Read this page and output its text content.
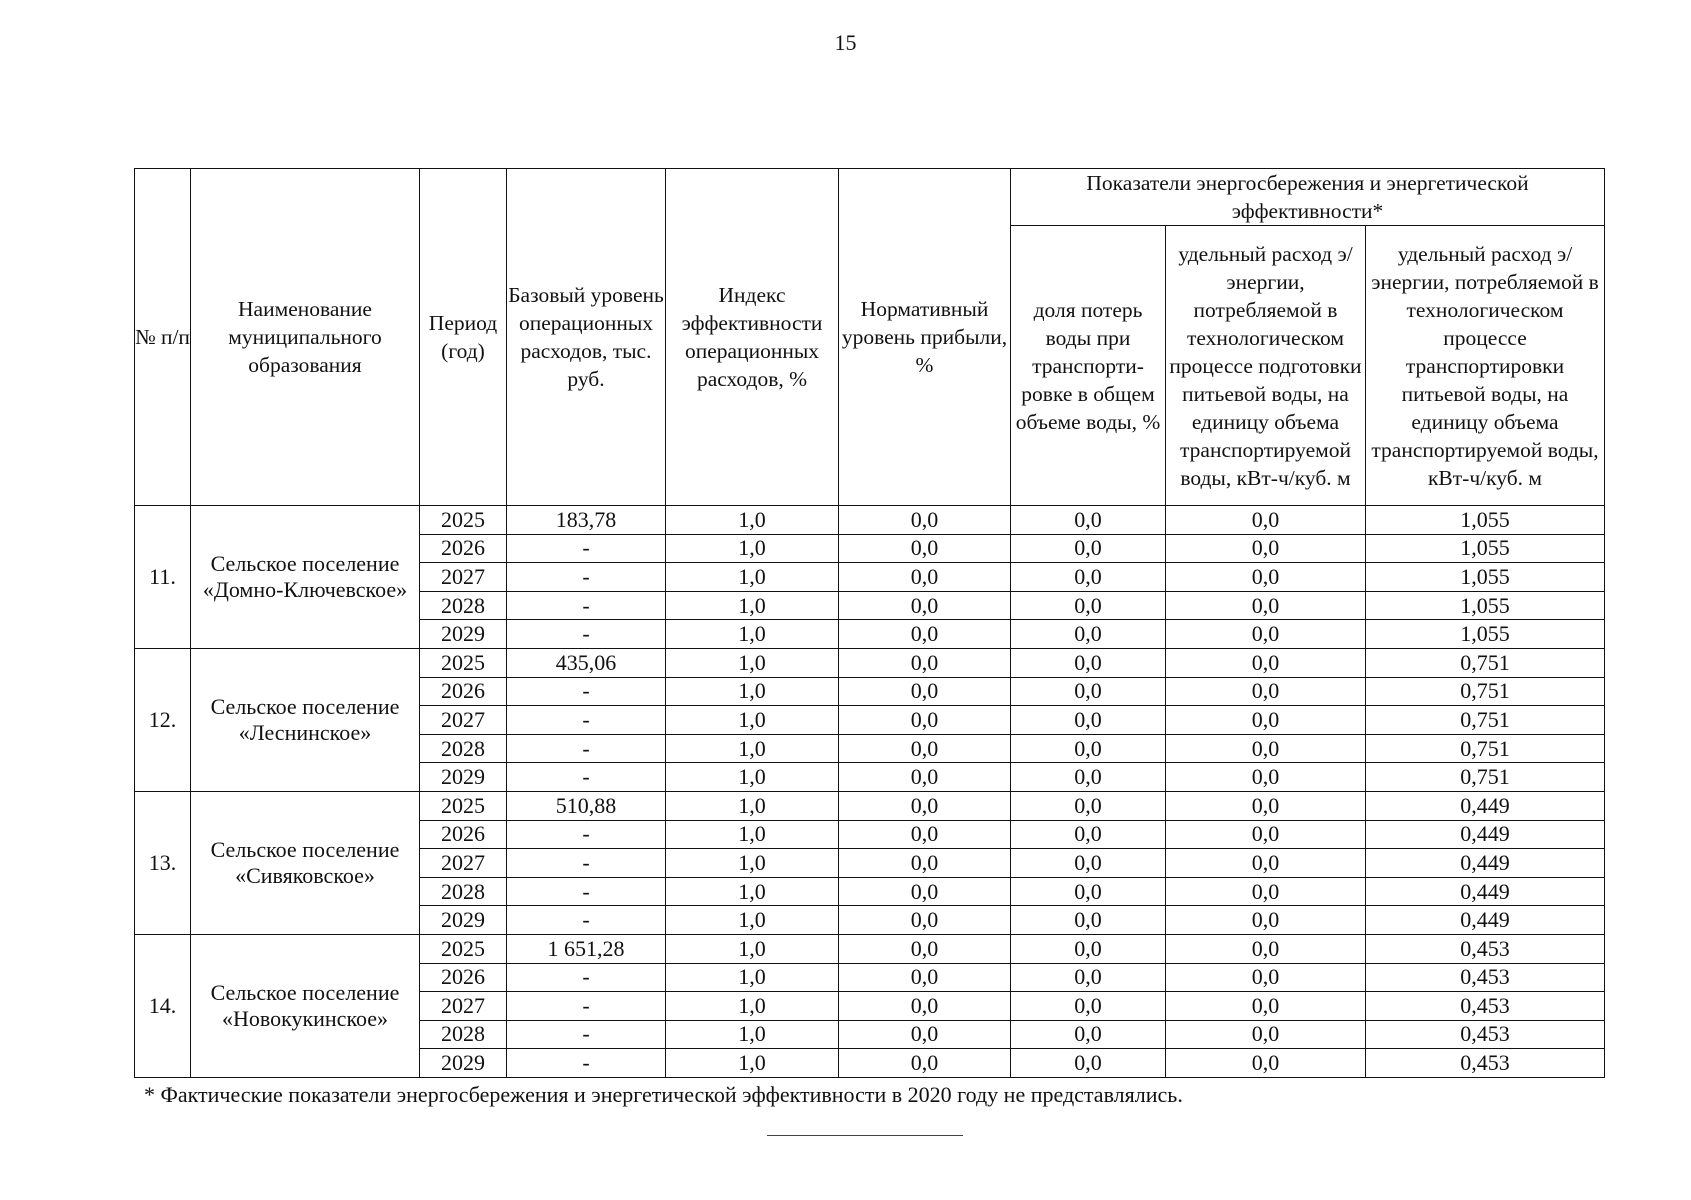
15
№ п/п	Наименование муниципального образования	Период (год)	Базовый уровень операционных расходов, тыс. руб.	Индекс эффективности операционных расходов, %	Нормативный уровень прибыли, %	Показатели энергосбережения и энергетической эффективности*		
						доля потерь воды при транспорти-ровке в общем объеме воды, %	удельный расход э/энергии, потребляемой в технологическом процессе подготовки питьевой воды, на единицу объема транспортируемой воды, кВт-ч/куб. м	удельный расход э/энергии, потребляемой в технологическом процессе транспортировки питьевой воды, на единицу объема транспортируемой воды, кВт-ч/куб. м
11.	Сельское поселение «Домно-Ключевское»	2025	183,78	1,0	0,0	0,0	0,0	1,055
		2026	-	1,0	0,0	0,0	0,0	1,055
		2027	-	1,0	0,0	0,0	0,0	1,055
		2028	-	1,0	0,0	0,0	0,0	1,055
		2029	-	1,0	0,0	0,0	0,0	1,055
12.	Сельское поселение «Леснинское»	2025	435,06	1,0	0,0	0,0	0,0	0,751
		2026	-	1,0	0,0	0,0	0,0	0,751
		2027	-	1,0	0,0	0,0	0,0	0,751
		2028	-	1,0	0,0	0,0	0,0	0,751
		2029	-	1,0	0,0	0,0	0,0	0,751
13.	Сельское поселение «Сивяковское»	2025	510,88	1,0	0,0	0,0	0,0	0,449
		2026	-	1,0	0,0	0,0	0,0	0,449
		2027	-	1,0	0,0	0,0	0,0	0,449
		2028	-	1,0	0,0	0,0	0,0	0,449
		2029	-	1,0	0,0	0,0	0,0	0,449
14.	Сельское поселение «Новокукинское»	2025	1 651,28	1,0	0,0	0,0	0,0	0,453
		2026	-	1,0	0,0	0,0	0,0	0,453
		2027	-	1,0	0,0	0,0	0,0	0,453
		2028	-	1,0	0,0	0,0	0,0	0,453
		2029	-	1,0	0,0	0,0	0,0	0,453
* Фактические показатели энергосбережения и энергетической эффективности в 2020 году не представлялись.
